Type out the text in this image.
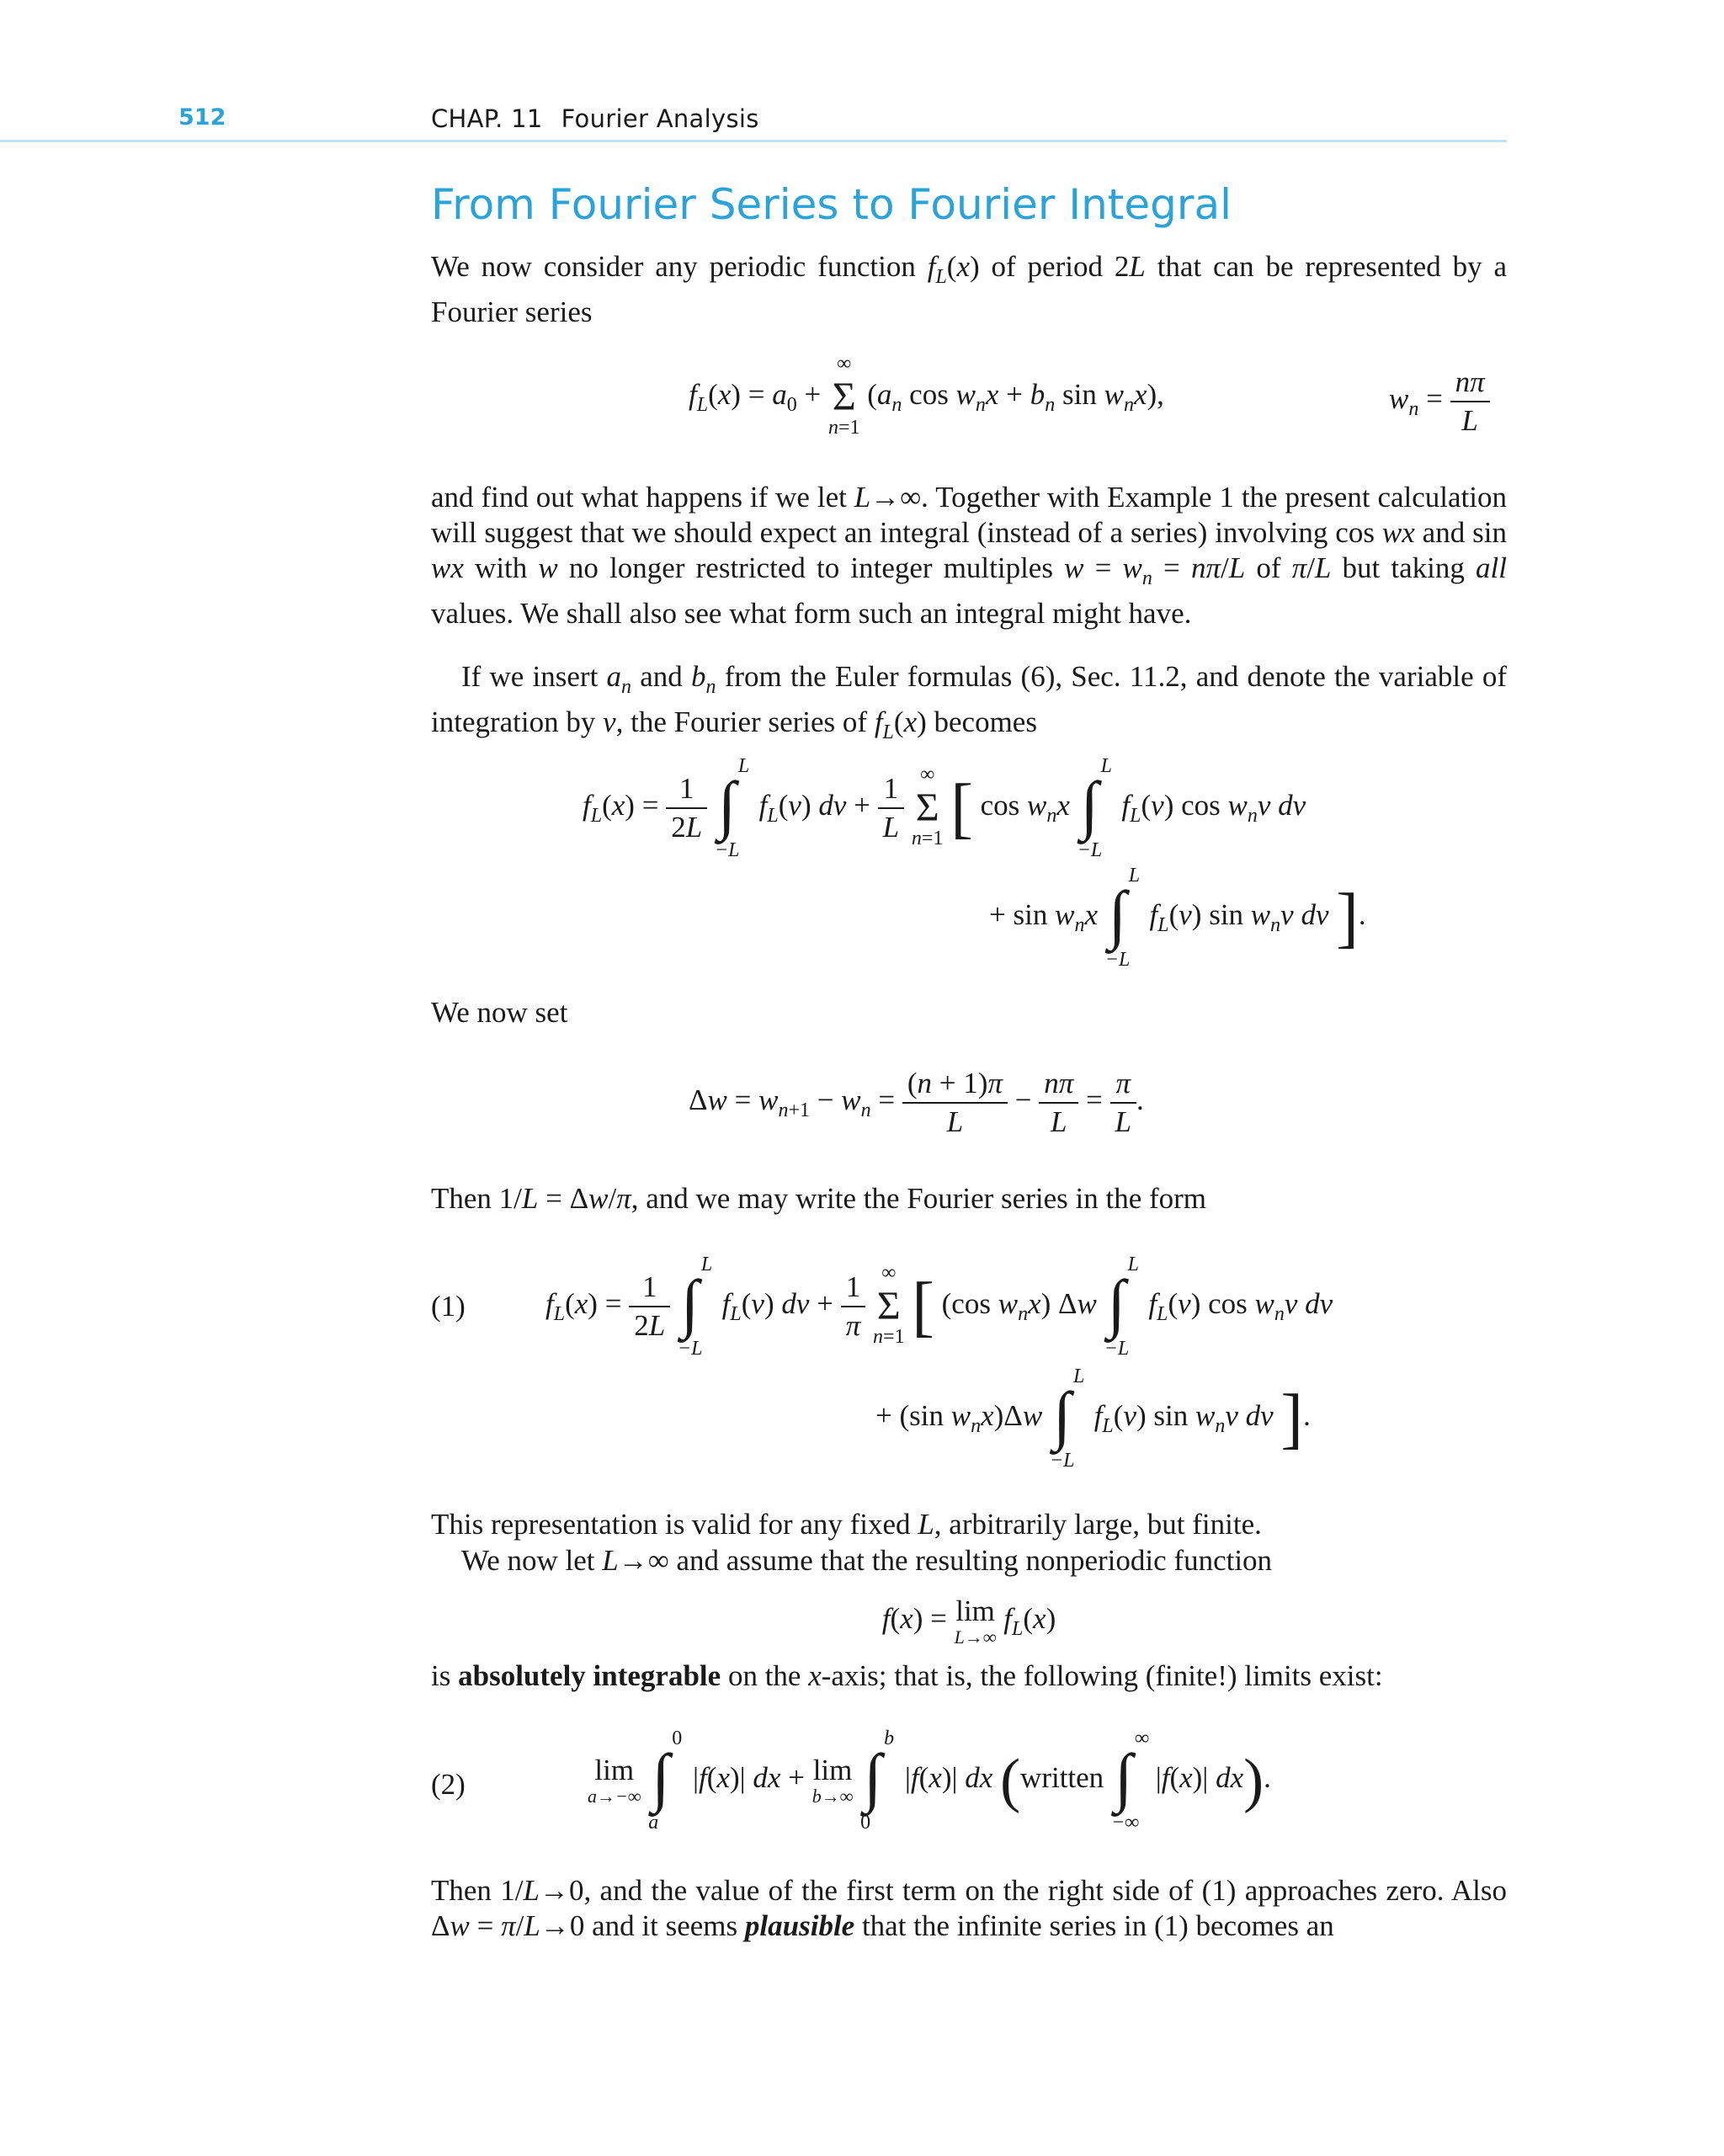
512	CHAP. 11 Fourier Analysis
From Fourier Series to Fourier Integral
We now consider any periodic function $f_L(x)$ of period 2L that can be represented by a Fourier series
$f_L(x) = a_0$ +
∞
Σ
n=1
($a_n$ $\cos w_nx + b_n$ $\sin w_nx$),	$w_n = \frac{n\pi}{L}$
and find out what happens if we let L→∞. Together with Example 1 the present calculation will suggest that we should expect an integral (instead of a series) involving cos wx and sin wx with w no longer restricted to integer multiples $w = w_n = n\pi/L$ of π/L but taking all values. We shall also see what form such an integral might have.
If we insert $a_n$ and $b_n$ from the Euler formulas (6), Sec. 11.2, and denote the variable of integration by v, the Fourier series of $f_L(x)$ becomes
$f_L(x) = \frac{1}{2L}$
∫
L
−L
$f_L(v)$ dv + $\frac{1}{L}$
∞
Σ
n=1 [ $\cos w_nx$ ∫
L
−L
$f_L(v)$ $\cos w_nv$ dv
+ $\sin w_nx$ ∫
L
−L
$f_L(v)$ $\sin w_nv$ dv ].
We now set
$\Delta w = w_{n+1} - w_n = \frac{(n + 1)\pi}{L} - \frac{n\pi}{L} = \frac{\pi}{L}$ .
Then 1/L = Δw/π, and we may write the Fourier series in the form
(1)	$f_L(x) = \frac{1}{2L}$
∫
L
−L
$f_L(v)$ dv + $\frac{1}{\pi}$
∞
Σ
n=1 [ (cos $w_nx$) Δw ∫
L
−L
$f_L(v)$ $\cos w_nv$ dv
+ (sin $w_nx)\Delta w$ ∫
L
−L
$f_L(v)$ $\sin w_nv$ dv ].
This representation is valid for any fixed L, arbitrarily large, but finite.
We now let L→∞ and assume that the resulting nonperiodic function
f(x) = lim
L→∞
$f_L(x)$
is absolutely integrable on the x-axis; that is, the following (finite!) limits exist:
(2)	lim
a→−∞
∫
0
a
|f(x)| dx + lim
b→∞
∫
b
0
|f(x)| dx (written ∫
∞
−∞
|f(x)| dx).
Then 1/L→0, and the value of the first term on the right side of (1) approaches zero. Also Δw = π/L→0 and it seems plausible that the infinite series in (1) becomes an
